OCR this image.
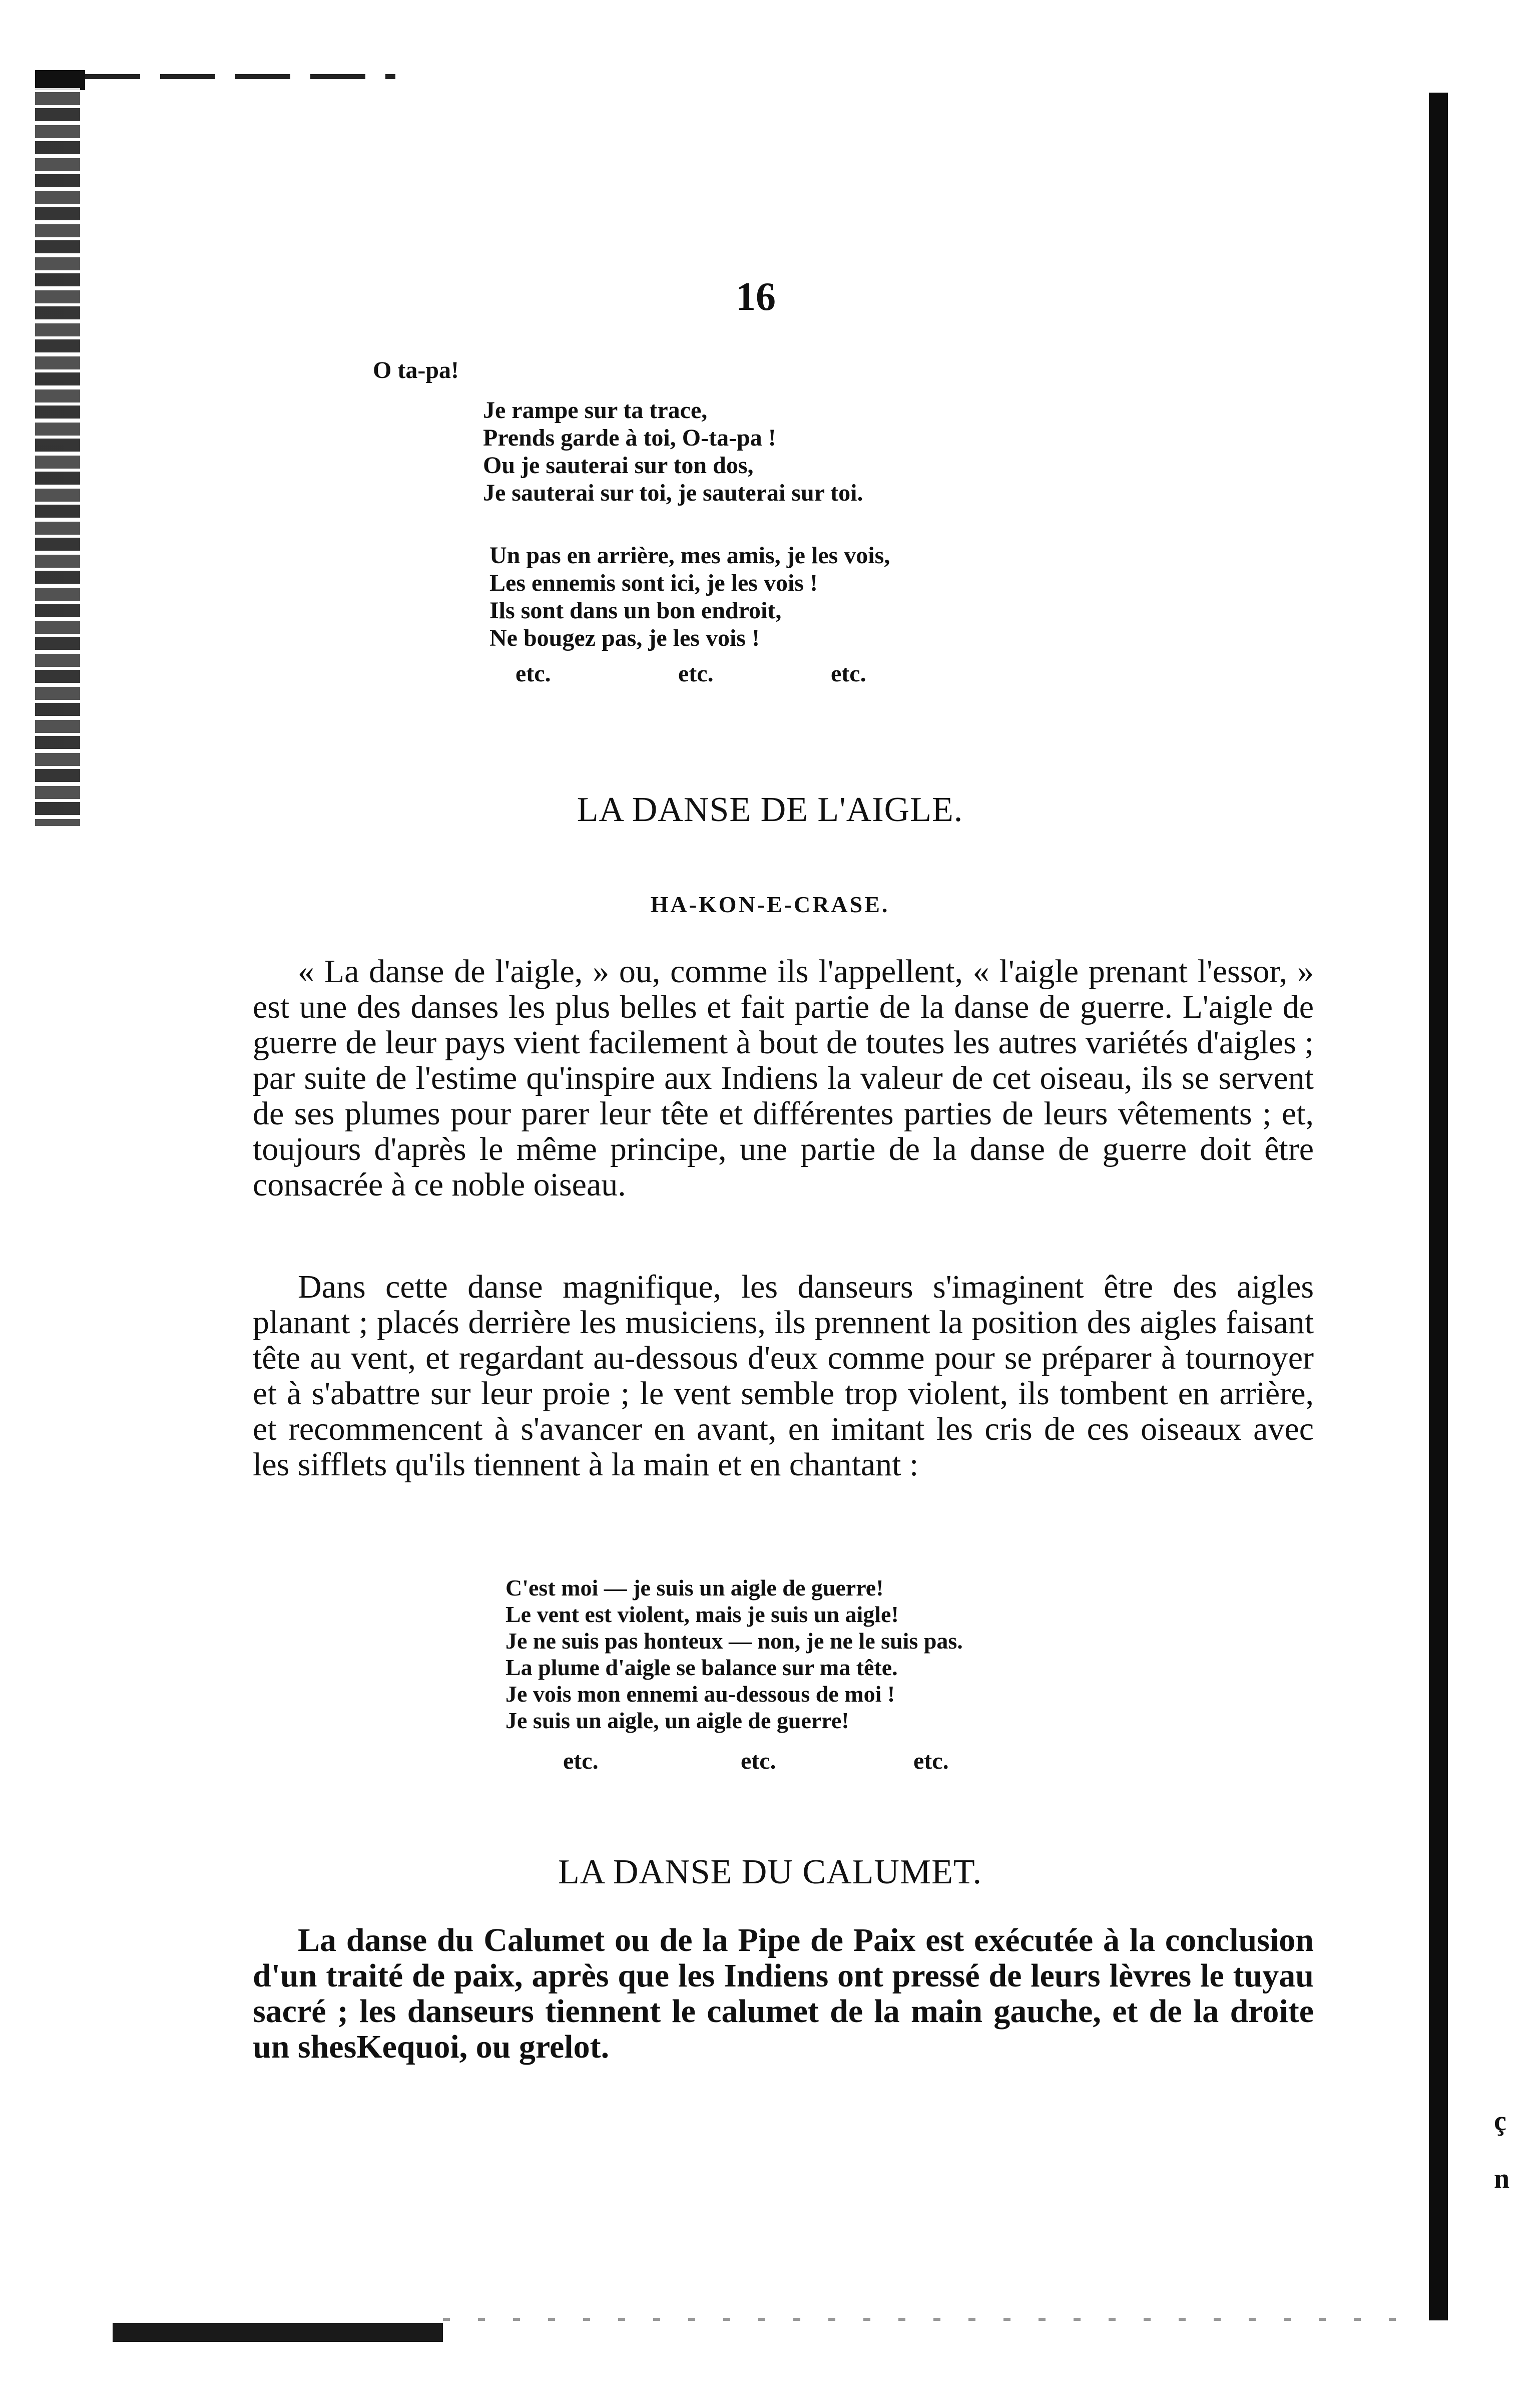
ç
n
16
O ta-pa!
Je rampe sur ta trace,
Prends garde à toi, O-ta-pa !
Ou je sauterai sur ton dos,
Je sauterai sur toi, je sauterai sur toi.
Un pas en arrière, mes amis, je les vois,
Les ennemis sont ici, je les vois !
Ils sont dans un bon endroit,
Ne bougez pas, je les vois !
etc.	etc.	etc.
LA DANSE DE L'AIGLE.
HA-KON-E-CRASE.
« La danse de l'aigle, » ou, comme ils l'appellent, « l'aigle prenant l'essor, » est une des danses les plus belles et fait partie de la danse de guerre. L'aigle de guerre de leur pays vient facilement à bout de toutes les autres variétés d'aigles ; par suite de l'estime qu'inspire aux Indiens la valeur de cet oiseau, ils se servent de ses plumes pour parer leur tête et différentes parties de leurs vêtements ; et, toujours d'après le même principe, une partie de la danse de guerre doit être consacrée à ce noble oiseau.
Dans cette danse magnifique, les danseurs s'imaginent être des aigles planant ; placés derrière les musiciens, ils prennent la position des aigles faisant tête au vent, et regardant au-dessous d'eux comme pour se préparer à tournoyer et à s'abattre sur leur proie ; le vent semble trop violent, ils tombent en arrière, et recommencent à s'avancer en avant, en imitant les cris de ces oiseaux avec les sifflets qu'ils tiennent à la main et en chantant :
C'est moi — je suis un aigle de guerre!
Le vent est violent, mais je suis un aigle!
Je ne suis pas honteux — non, je ne le suis pas.
La plume d'aigle se balance sur ma tête.
Je vois mon ennemi au-dessous de moi !
Je suis un aigle, un aigle de guerre!
etc.	etc.	etc.
LA DANSE DU CALUMET.
La danse du Calumet ou de la Pipe de Paix est exécutée à la conclusion d'un traité de paix, après que les Indiens ont pressé de leurs lèvres le tuyau sacré ; les danseurs tiennent le calumet de la main gauche, et de la droite un shesKequoi, ou grelot.
